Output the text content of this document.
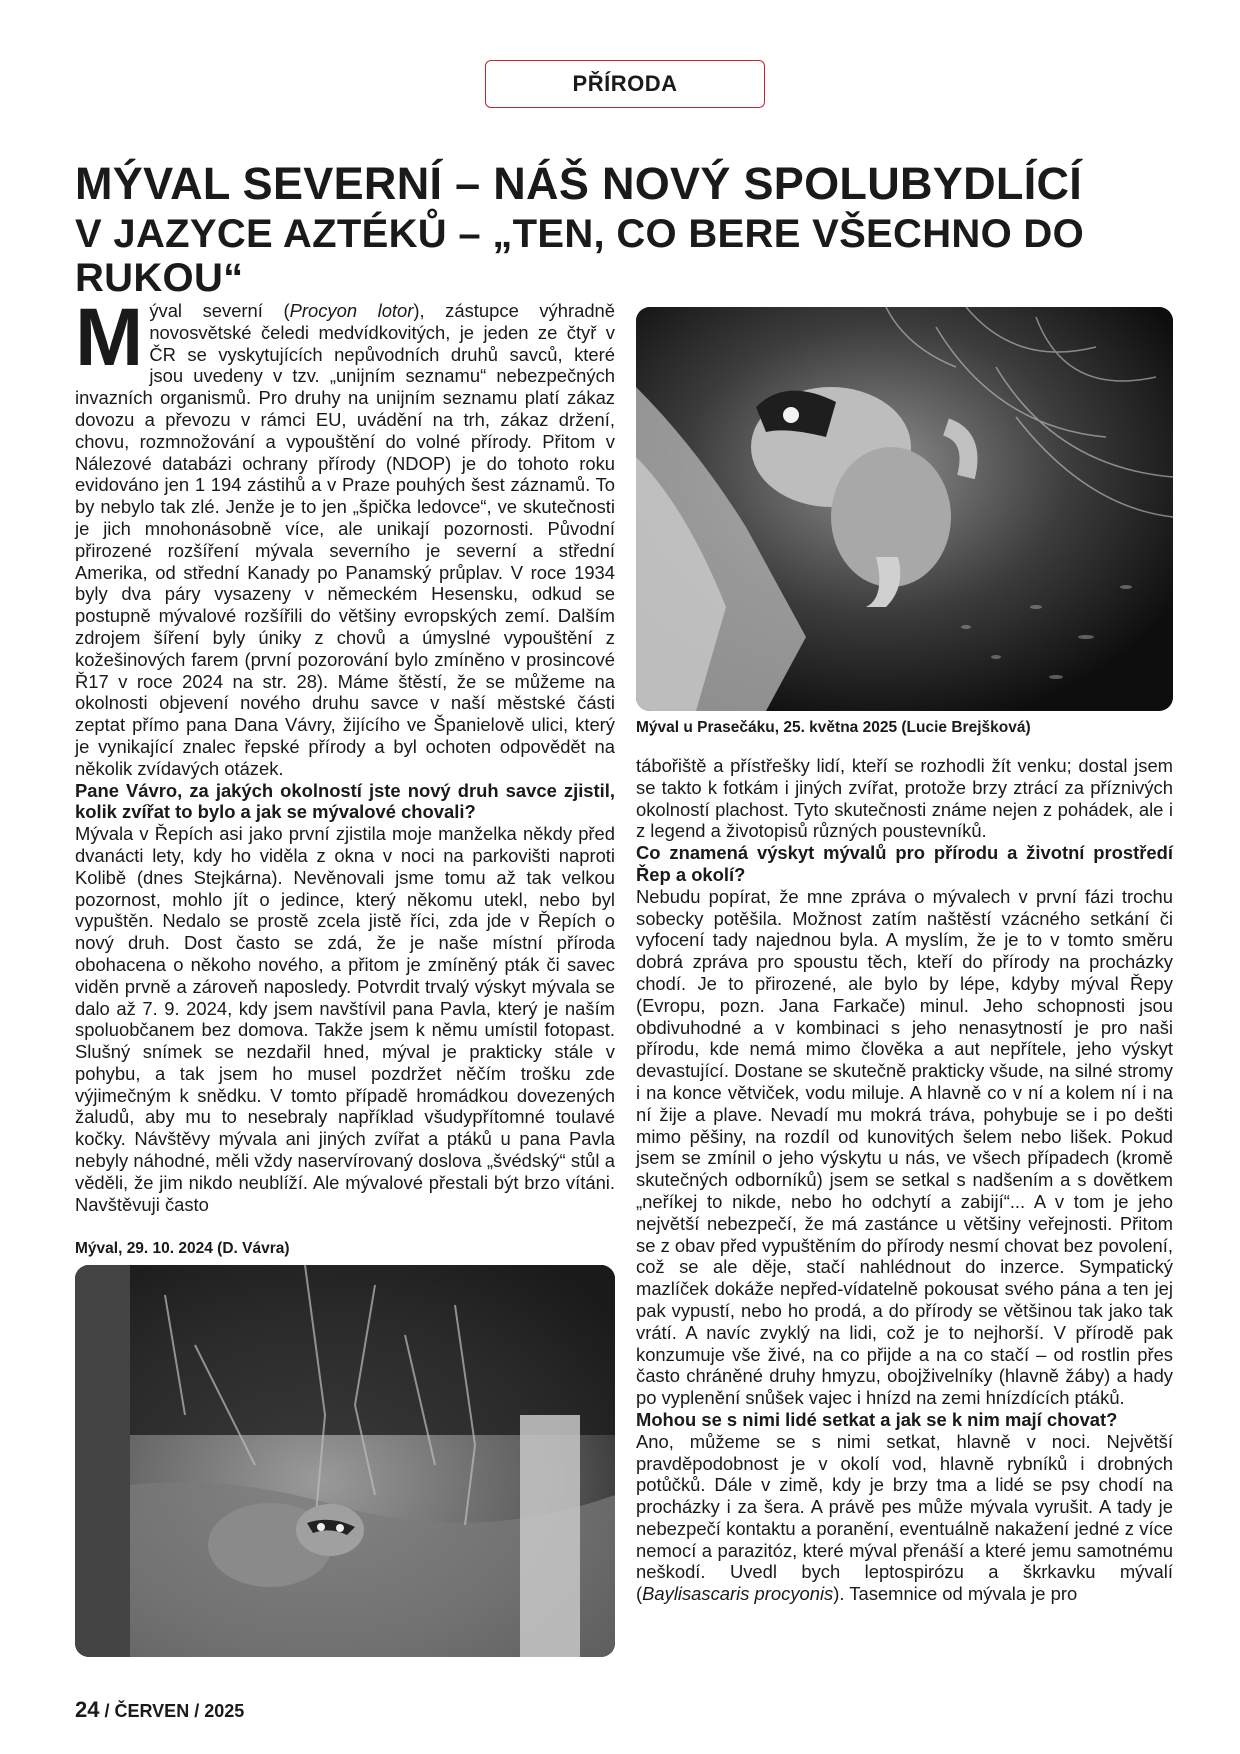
PŘÍRODA
MÝVAL SEVERNÍ – NÁŠ NOVÝ SPOLUBYDLÍCÍ
V JAZYCE AZTÉKŮ – „TEN, CO BERE VŠECHNO DO RUKOU“

Mýval severní (Procyon lotor), zástupce výhradně novosvětské čeledi medvídkovitých, je jeden ze čtyř v ČR se vyskytujících nepůvodních druhů savců, které jsou uvedeny v tzv. „unijním seznamu“ nebezpečných invazních organismů. Pro druhy na unijním seznamu platí zákaz dovozu a převozu v rámci EU, uvádění na trh, zákaz držení, chovu, rozmnožování a vypouštění do volné přírody. Přitom v Nálezové databázi ochrany přírody (NDOP) je do tohoto roku evidováno jen 1 194 zástihů a v Praze pouhých šest záznamů. To by nebylo tak zlé. Jenže je to jen „špička ledovce“, ve skutečnosti je jich mnohonásobně více, ale unikají pozornosti. Původní přirozené rozšíření mývala severního je severní a střední Amerika, od střední Kanady po Panamský průplav. V roce 1934 byly dva páry vysazeny v německém Hesensku, odkud se postupně mývalové rozšířili do většiny evropských zemí. Dalším zdrojem šíření byly úniky z chovů a úmyslné vypouštění z kožešinových farem (první pozorování bylo zmíněno v prosincové Ř17 v roce 2024 na str. 28). Máme štěstí, že se můžeme na okolnosti objevení nového druhu savce v naší městské části zeptat přímo pana Dana Vávry, žijícího ve Španielově ulici, který je vynikající znalec řepské přírody a byl ochoten odpovědět na několik zvídavých otázek.

Pane Vávro, za jakých okolností jste nový druh savce zjistil, kolik zvířat to bylo a jak se mývalové chovali?

Mývala v Řepích asi jako první zjistila moje manželka někdy před dvanácti lety, kdy ho viděla z okna v noci na parkovišti naproti Kolibě (dnes Stejkárna). Nevěnovali jsme tomu až tak velkou pozornost, mohlo jít o jedince, který někomu utekl, nebo byl vypuštěn. Nedalo se prostě zcela jistě říci, zda jde v Řepích o nový druh. Dost často se zdá, že je naše místní příroda obohacena o někoho nového, a přitom je zmíněný pták či savec viděn prvně a zároveň naposledy. Potvrdit trvalý výskyt mývala se dalo až 7. 9. 2024, kdy jsem navštívil pana Pavla, který je naším spoluobčanem bez domova. Takže jsem k němu umístil fotopast. Slušný snímek se nezdařil hned, mýval je prakticky stále v pohybu, a tak jsem ho musel pozdržet něčím trošku zde výjimečným k snědku. V tomto případě hromádkou dovezených žaludů, aby mu to nesebraly například všudypřítomné toulavé kočky. Návštěvy mývala ani jiných zvířat a ptáků u pana Pavla nebyly náhodné, měli vždy naservírovaný doslova „švédský“ stůl a věděli, že jim nikdo neublíží. Ale mývalové přestali být brzo vítáni. Navštěvuji často

Mýval, 29. 10. 2024 (D. Vávra)
Mýval u Prasečáku, 25. května 2025 (Lucie Brejšková)

tábořiště a přístřešky lidí, kteří se rozhodli žít venku; dostal jsem se takto k fotkám i jiných zvířat, protože brzy ztrácí za příznivých okolností plachost. Tyto skutečnosti známe nejen z pohádek, ale i z legend a životopisů různých poustevníků.

Co znamená výskyt mývalů pro přírodu a životní prostředí Řep a okolí?

Nebudu popírat, že mne zpráva o mývalech v první fázi trochu sobecky potěšila. Možnost zatím naštěstí vzácného setkání či vyfocení tady najednou byla. A myslím, že je to v tomto směru dobrá zpráva pro spoustu těch, kteří do přírody na procházky chodí. Je to přirozené, ale bylo by lépe, kdyby mýval Řepy (Evropu, pozn. Jana Farkače) minul. Jeho schopnosti jsou obdivuhodné a v kombinaci s jeho nenasytností je pro naši přírodu, kde nemá mimo člověka a aut nepřítele, jeho výskyt devastující. Dostane se skutečně prakticky všude, na silné stromy i na konce větviček, vodu miluje. A hlavně co v ní a kolem ní i na ní žije a plave. Nevadí mu mokrá tráva, pohybuje se i po dešti mimo pěšiny, na rozdíl od kunovitých šelem nebo lišek. Pokud jsem se zmínil o jeho výskytu u nás, ve všech případech (kromě skutečných odborníků) jsem se setkal s nadšením a s dovětkem „neříkej to nikde, nebo ho odchytí a zabijí“... A v tom je jeho největší nebezpečí, že má zastánce u většiny veřejnosti. Přitom se z obav před vypuštěním do přírody nesmí chovat bez povolení, což se ale děje, stačí nahlédnout do inzerce. Sympatický mazlíček dokáže nepřed-vídatelně pokousat svého pána a ten jej pak vypustí, nebo ho prodá, a do přírody se většinou tak jako tak vrátí. A navíc zvyklý na lidi, což je to nejhorší. V přírodě pak konzumuje vše živé, na co přijde a na co stačí – od rostlin přes často chráněné druhy hmyzu, obojživelníky (hlavně žáby) a hady po vyplenění snůšek vajec i hnízd na zemi hnízdících ptáků.

Mohou se s nimi lidé setkat a jak se k nim mají chovat?

Ano, můžeme se s nimi setkat, hlavně v noci. Největší pravděpodobnost je v okolí vod, hlavně rybníků i drobných potůčků. Dále v zimě, kdy je brzy tma a lidé se psy chodí na procházky i za šera. A právě pes může mývala vyrušit. A tady je nebezpečí kontaktu a poranění, eventuálně nakažení jedné z více nemocí a parazitóz, které mýval přenáší a které jemu samotnému neškodí. Uvedl bych leptospirózu a škrkavku mývalí (Baylisascaris procyonis). Tasemnice od mývala je pro

24 / ČERVEN / 2025
